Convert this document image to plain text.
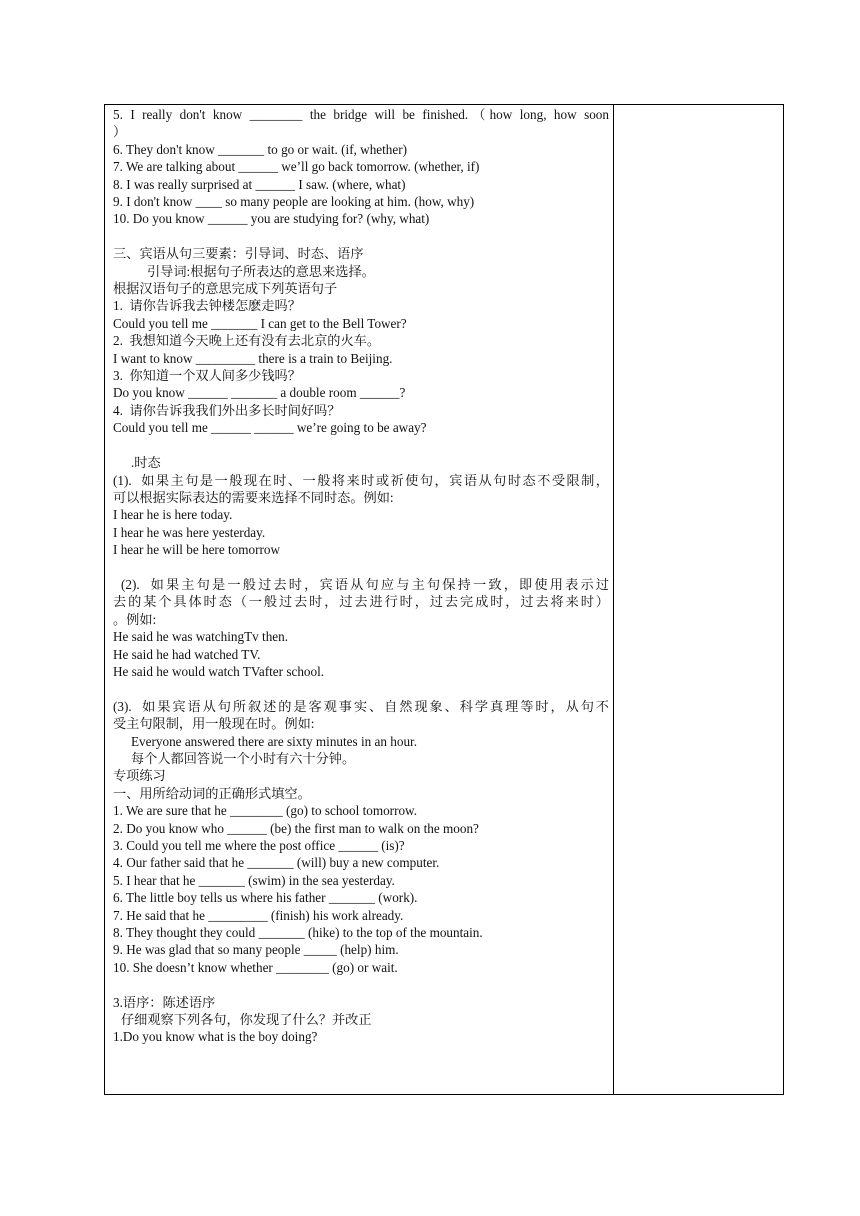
5. I really don't know ________ the bridge will be finished.（how long, how soon
）
6. They don't know _______ to go or wait. (if, whether)
7. We are talking about ______ we’ll go back tomorrow. (whether, if)
8. I was really surprised at ______ I saw. (where, what)
9. I don't know ____ so many people are looking at him. (how, why)
10. Do you know ______ you are studying for? (why, what)
三、宾语从句三要素：引导词、时态、语序
引导词:根据句子所表达的意思来选择。
根据汉语句子的意思完成下列英语句子
1.  请你告诉我去钟楼怎麽走吗？
Could you tell me _______ I can get to the Bell Tower?
2.  我想知道今天晚上还有没有去北京的火车。
I want to know _________ there is a train to Beijing.
3.  你知道一个双人间多少钱吗？
Do you know ______ _______ a double room ______?
4.  请你告诉我我们外出多长时间好吗？
Could you tell me ______ ______ we’re going to be away?
.时态
(1).  如果主句是一般现在时、一般将来时或祈使句，宾语从句时态不受限制，
可以根据实际表达的需要来选择不同时态。例如:
I hear he is here today.
I hear he was here yesterday.
I hear he will be here tomorrow
(2).  如果主句是一般过去时，宾语从句应与主句保持一致，即使用表示过
去的某个具体时态（一般过去时，过去进行时，过去完成时，过去将来时）
。例如:
He said he was watchingTv then.
He said he had watched TV.
He said he would watch TVafter school.
(3).  如果宾语从句所叙述的是客观事实、自然现象、科学真理等时，从句不
受主句限制，用一般现在时。例如:
Everyone answered there are sixty minutes in an hour.
每个人都回答说一个小时有六十分钟。
专项练习
一、用所给动词的正确形式填空。
1. We are sure that he ________ (go) to school tomorrow.
2. Do you know who ______ (be) the first man to walk on the moon?
3. Could you tell me where the post office ______ (is)?
4. Our father said that he _______ (will) buy a new computer.
5. I hear that he _______ (swim) in the sea yesterday.
6. The little boy tells us where his father _______ (work).
7. He said that he _________ (finish) his work already.
8. They thought they could _______ (hike) to the top of the mountain.
9. He was glad that so many people _____ (help) him.
10. She doesn’t know whether ________ (go) or wait.
3.语序：陈述语序
仔细观察下列各句，你发现了什么？并改正
1.Do you know what is the boy doing?
